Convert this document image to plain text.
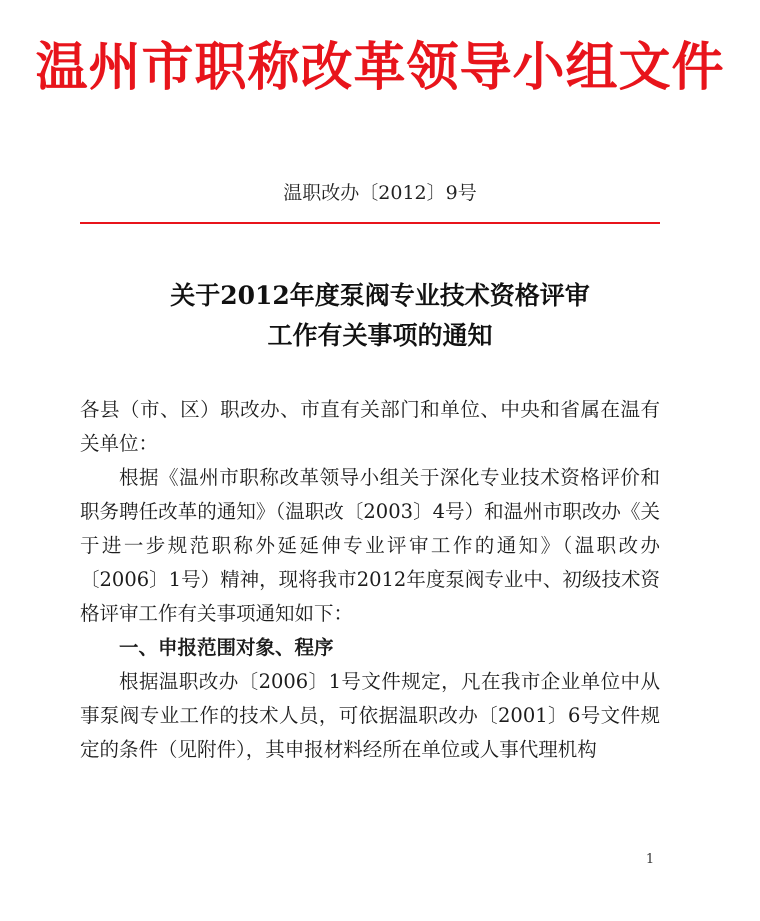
温州市职称改革领导小组文件
温职改办〔2012〕9号
关于2012年度泵阀专业技术资格评审
工作有关事项的通知

各县（市、区）职改办、市直有关部门和单位、中央和省属在温有关单位：

根据《温州市职称改革领导小组关于深化专业技术资格评价和职务聘任改革的通知》（温职改〔2003〕4号）和温州市职改办《关于进一步规范职称外延延伸专业评审工作的通知》（温职改办〔2006〕1号）精神，现将我市2012年度泵阀专业中、初级技术资格评审工作有关事项通知如下：

一、申报范围对象、程序

根据温职改办〔2006〕1号文件规定，凡在我市企业单位中从事泵阀专业工作的技术人员，可依据温职改办〔2001〕6号文件规定的条件（见附件），其申报材料经所在单位或人事代理机构

1
